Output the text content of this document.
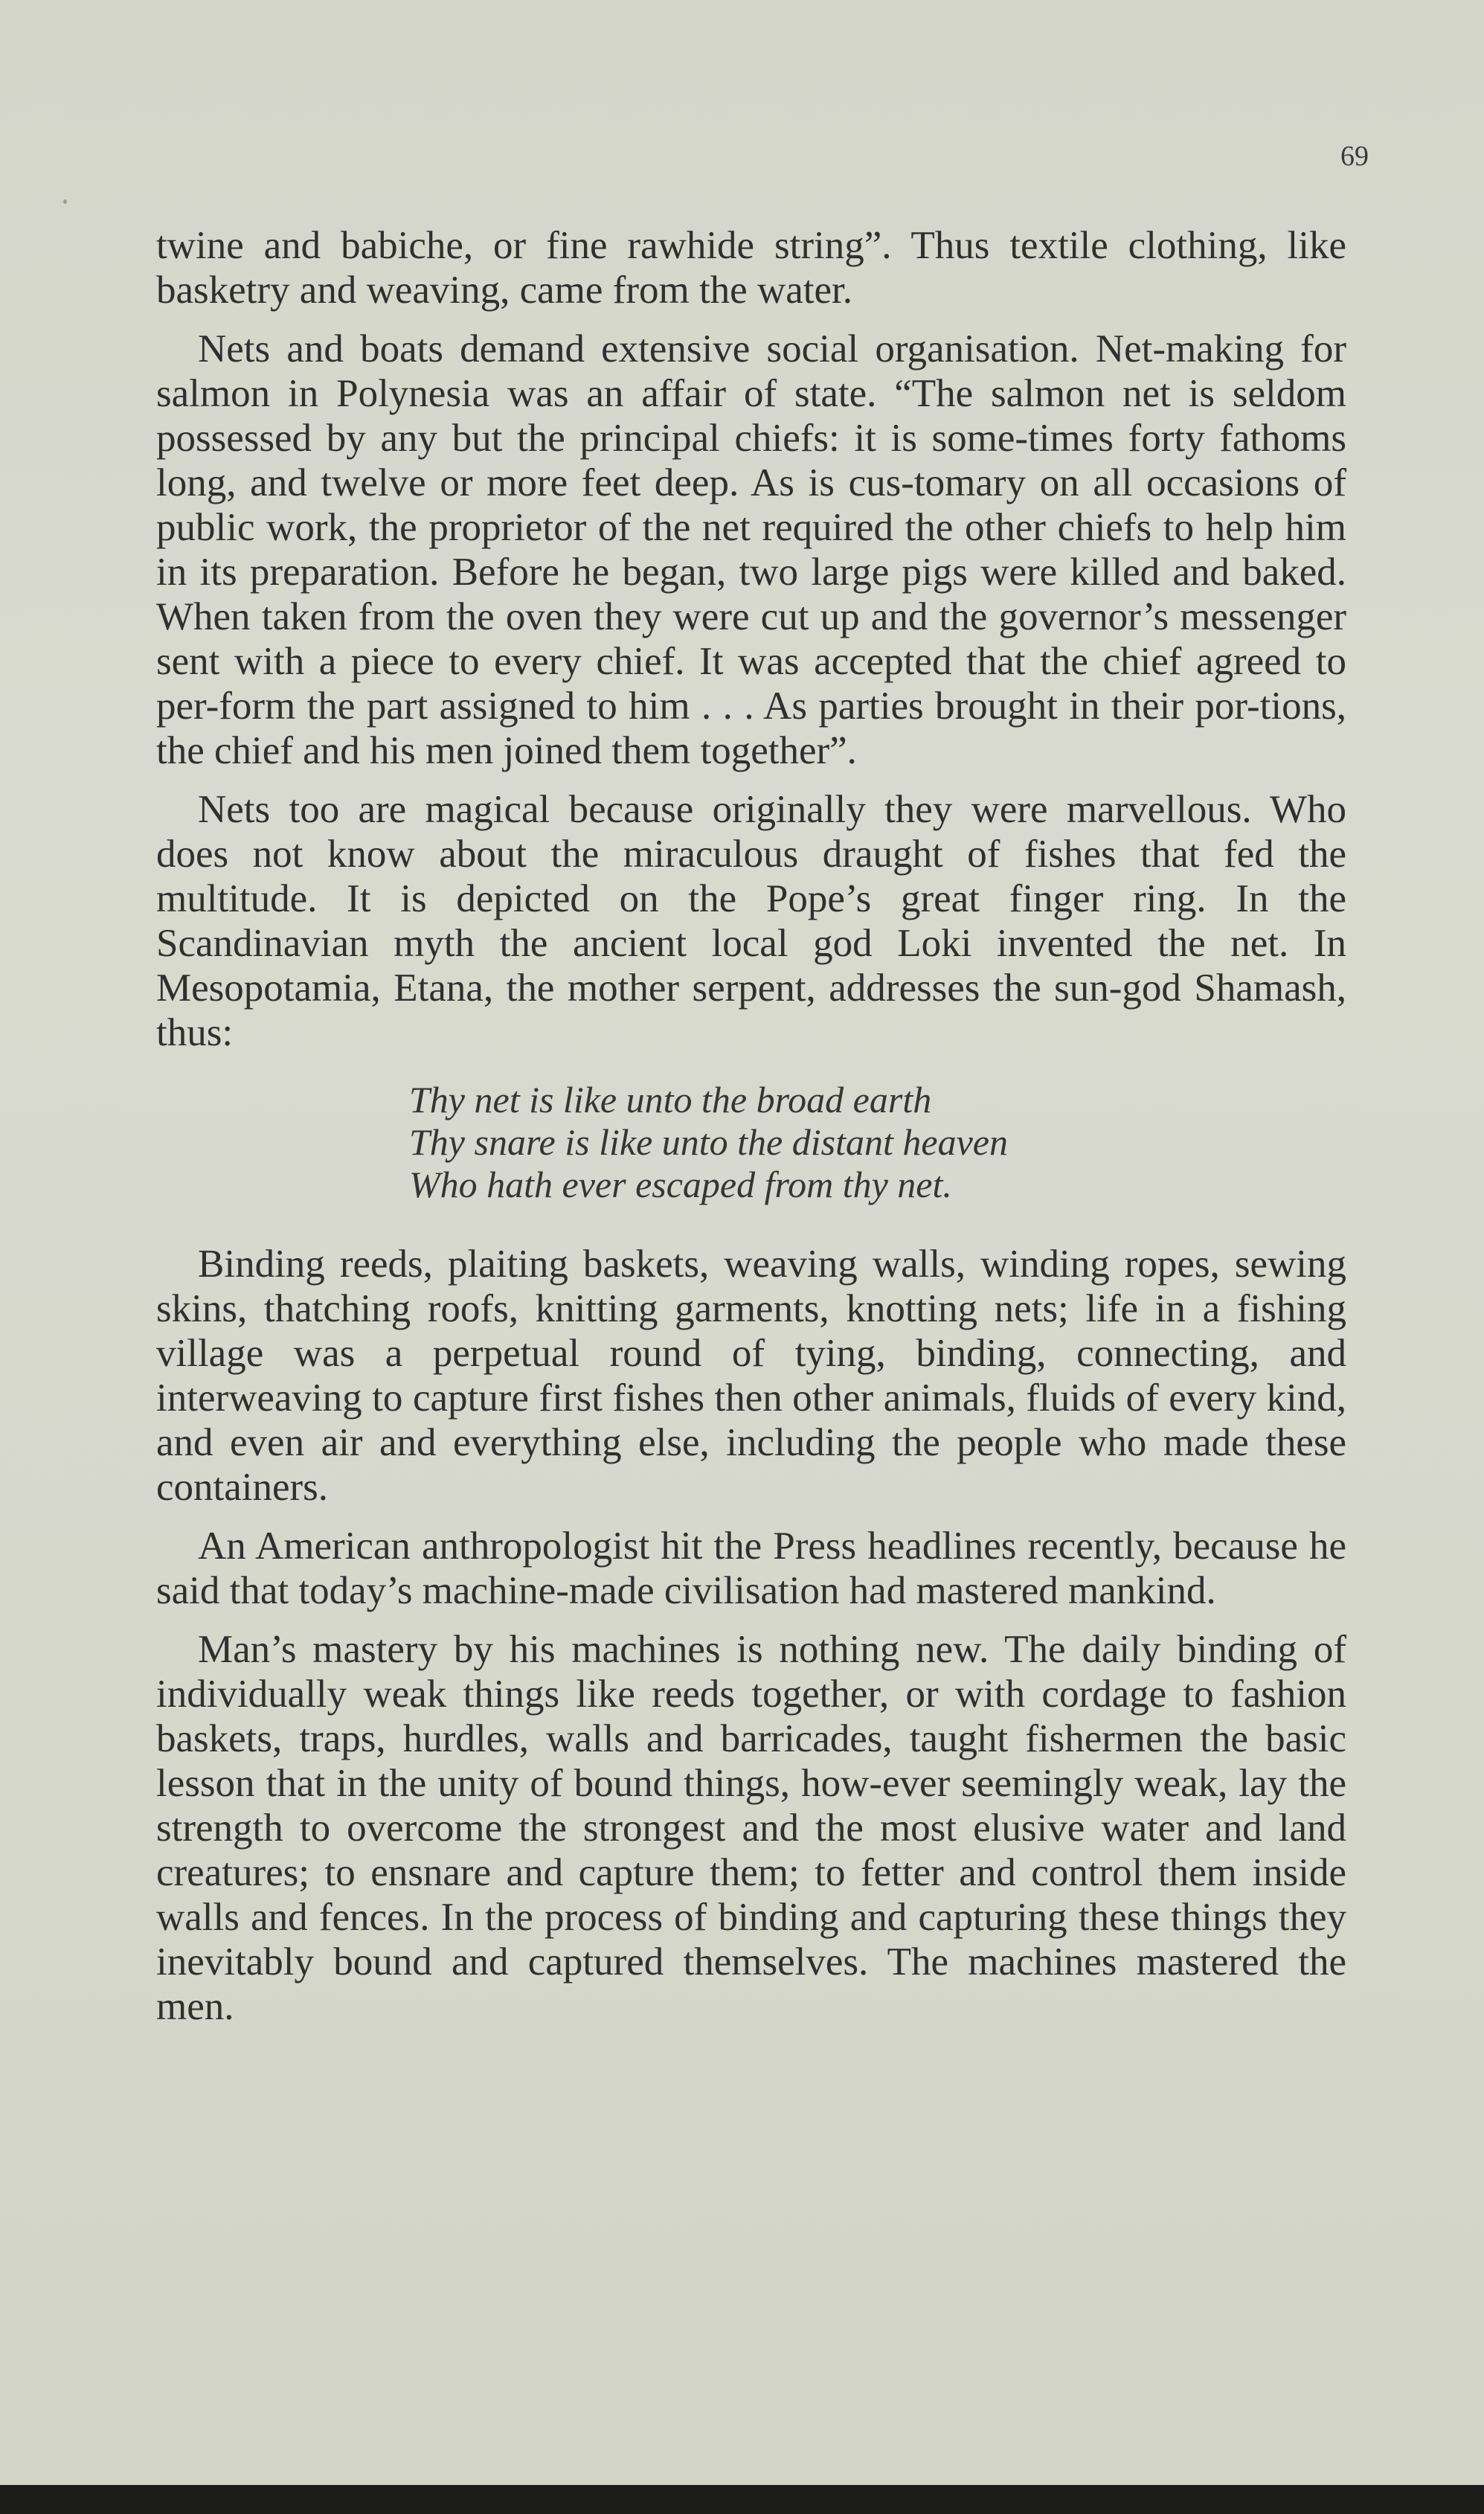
69

twine and babiche, or fine rawhide string”. Thus textile clothing, like basketry and weaving, came from the water.

Nets and boats demand extensive social organisation. Net-making for salmon in Polynesia was an affair of state. “The salmon net is seldom possessed by any but the principal chiefs: it is some-times forty fathoms long, and twelve or more feet deep. As is cus-tomary on all occasions of public work, the proprietor of the net required the other chiefs to help him in its preparation. Before he began, two large pigs were killed and baked. When taken from the oven they were cut up and the governor’s messenger sent with a piece to every chief. It was accepted that the chief agreed to per-form the part assigned to him . . . As parties brought in their por-tions, the chief and his men joined them together”.

Nets too are magical because originally they were marvellous. Who does not know about the miraculous draught of fishes that fed the multitude. It is depicted on the Pope’s great finger ring. In the Scandinavian myth the ancient local god Loki invented the net. In Mesopotamia, Etana, the mother serpent, addresses the sun-god Shamash, thus:

Thy net is like unto the broad earth
Thy snare is like unto the distant heaven
Who hath ever escaped from thy net.

Binding reeds, plaiting baskets, weaving walls, winding ropes, sewing skins, thatching roofs, knitting garments, knotting nets; life in a fishing village was a perpetual round of tying, binding, connecting, and interweaving to capture first fishes then other animals, fluids of every kind, and even air and everything else, including the people who made these containers.

An American anthropologist hit the Press headlines recently, because he said that today’s machine-made civilisation had mastered mankind.

Man’s mastery by his machines is nothing new. The daily binding of individually weak things like reeds together, or with cordage to fashion baskets, traps, hurdles, walls and barricades, taught fishermen the basic lesson that in the unity of bound things, how-ever seemingly weak, lay the strength to overcome the strongest and the most elusive water and land creatures; to ensnare and capture them; to fetter and control them inside walls and fences. In the process of binding and capturing these things they inevitably bound and captured themselves. The machines mastered the men.
